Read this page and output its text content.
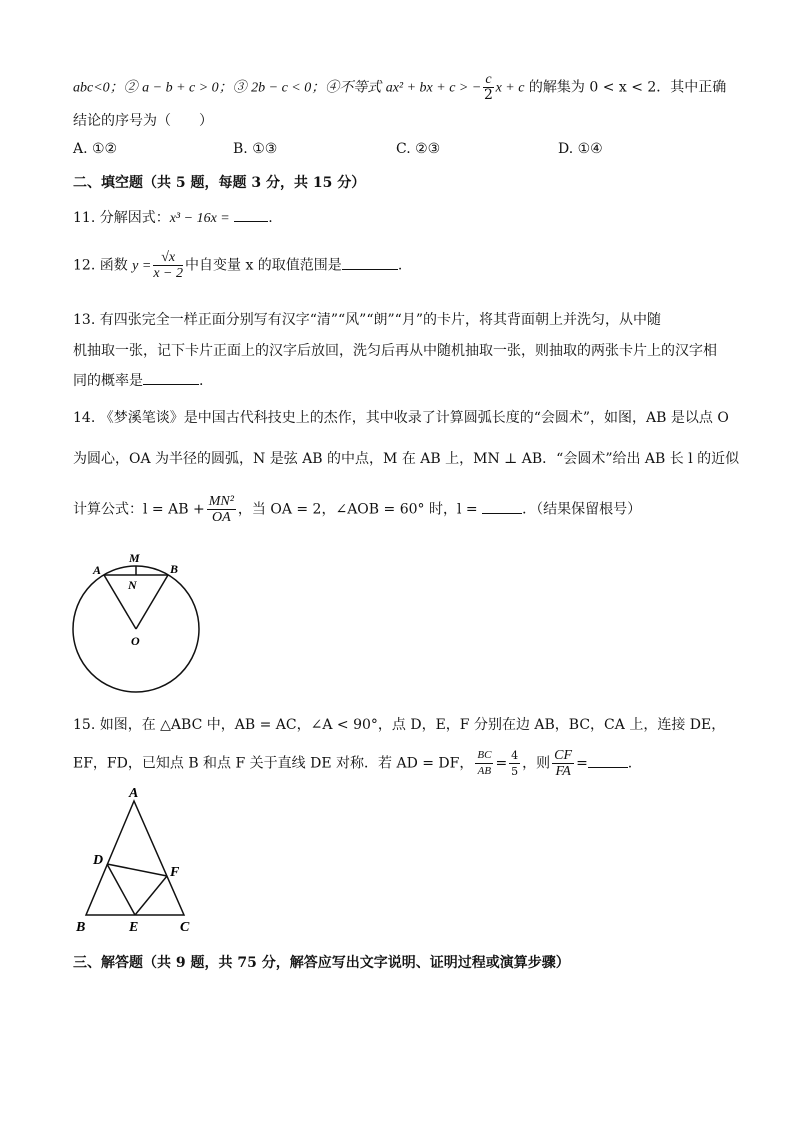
abc<0；② a − b + c > 0；③ 2b − c < 0；④不等式 ax² + bx + c > − $\frac{c}{2}$ x + c 的解集为 0 < x < 2．其中正确
结论的序号为（　　）
A. ①②	B. ①③	C. ②③	D. ①④
二、填空题（共 5 题，每题 3 分，共 15 分）
11. 分解因式：x³ − 16x =	.
12. 函数 $y = \frac{√x}{x - 2}$ 中自变量 x 的取值范围是	.
13. 有四张完全一样正面分别写有汉字“清”“风”“朗”“月”的卡片，将其背面朝上并洗匀，从中随
机抽取一张，记下卡片正面上的汉字后放回，洗匀后再从中随机抽取一张，则抽取的两张卡片上的汉字相
同的概率是	.
14. 《梦溪笔谈》是中国古代科技史上的杰作，其中收录了计算圆弧长度的“会圆术”，如图，AB 是以点 O
为圆心，OA 为半径的圆弧，N 是弦 AB 的中点，M 在 AB 上，MN ⊥ AB．“会圆术”给出 AB 长 l 的近似
计算公式：l = AB + $\frac{\text{MN²}}{OA}$ ，当 OA = 2，∠AOB = 60° 时，l =	．（结果保留根号）
A	B
M
N
O
15. 如图，在 △ABC 中，AB = AC，∠A < 90°，点 D，E，F 分别在边 AB，BC，CA 上，连接 DE，
EF，FD，已知点 B 和点 F 关于直线 DE 对称．若 AD = DF， $\frac{BC}{AB} = \frac{4}{5}$ ，则 $\frac{CF}{FA}$ =	.
A
B	C
D
E
F
三、解答题（共 9 题，共 75 分，解答应写出文字说明、证明过程或演算步骤）
